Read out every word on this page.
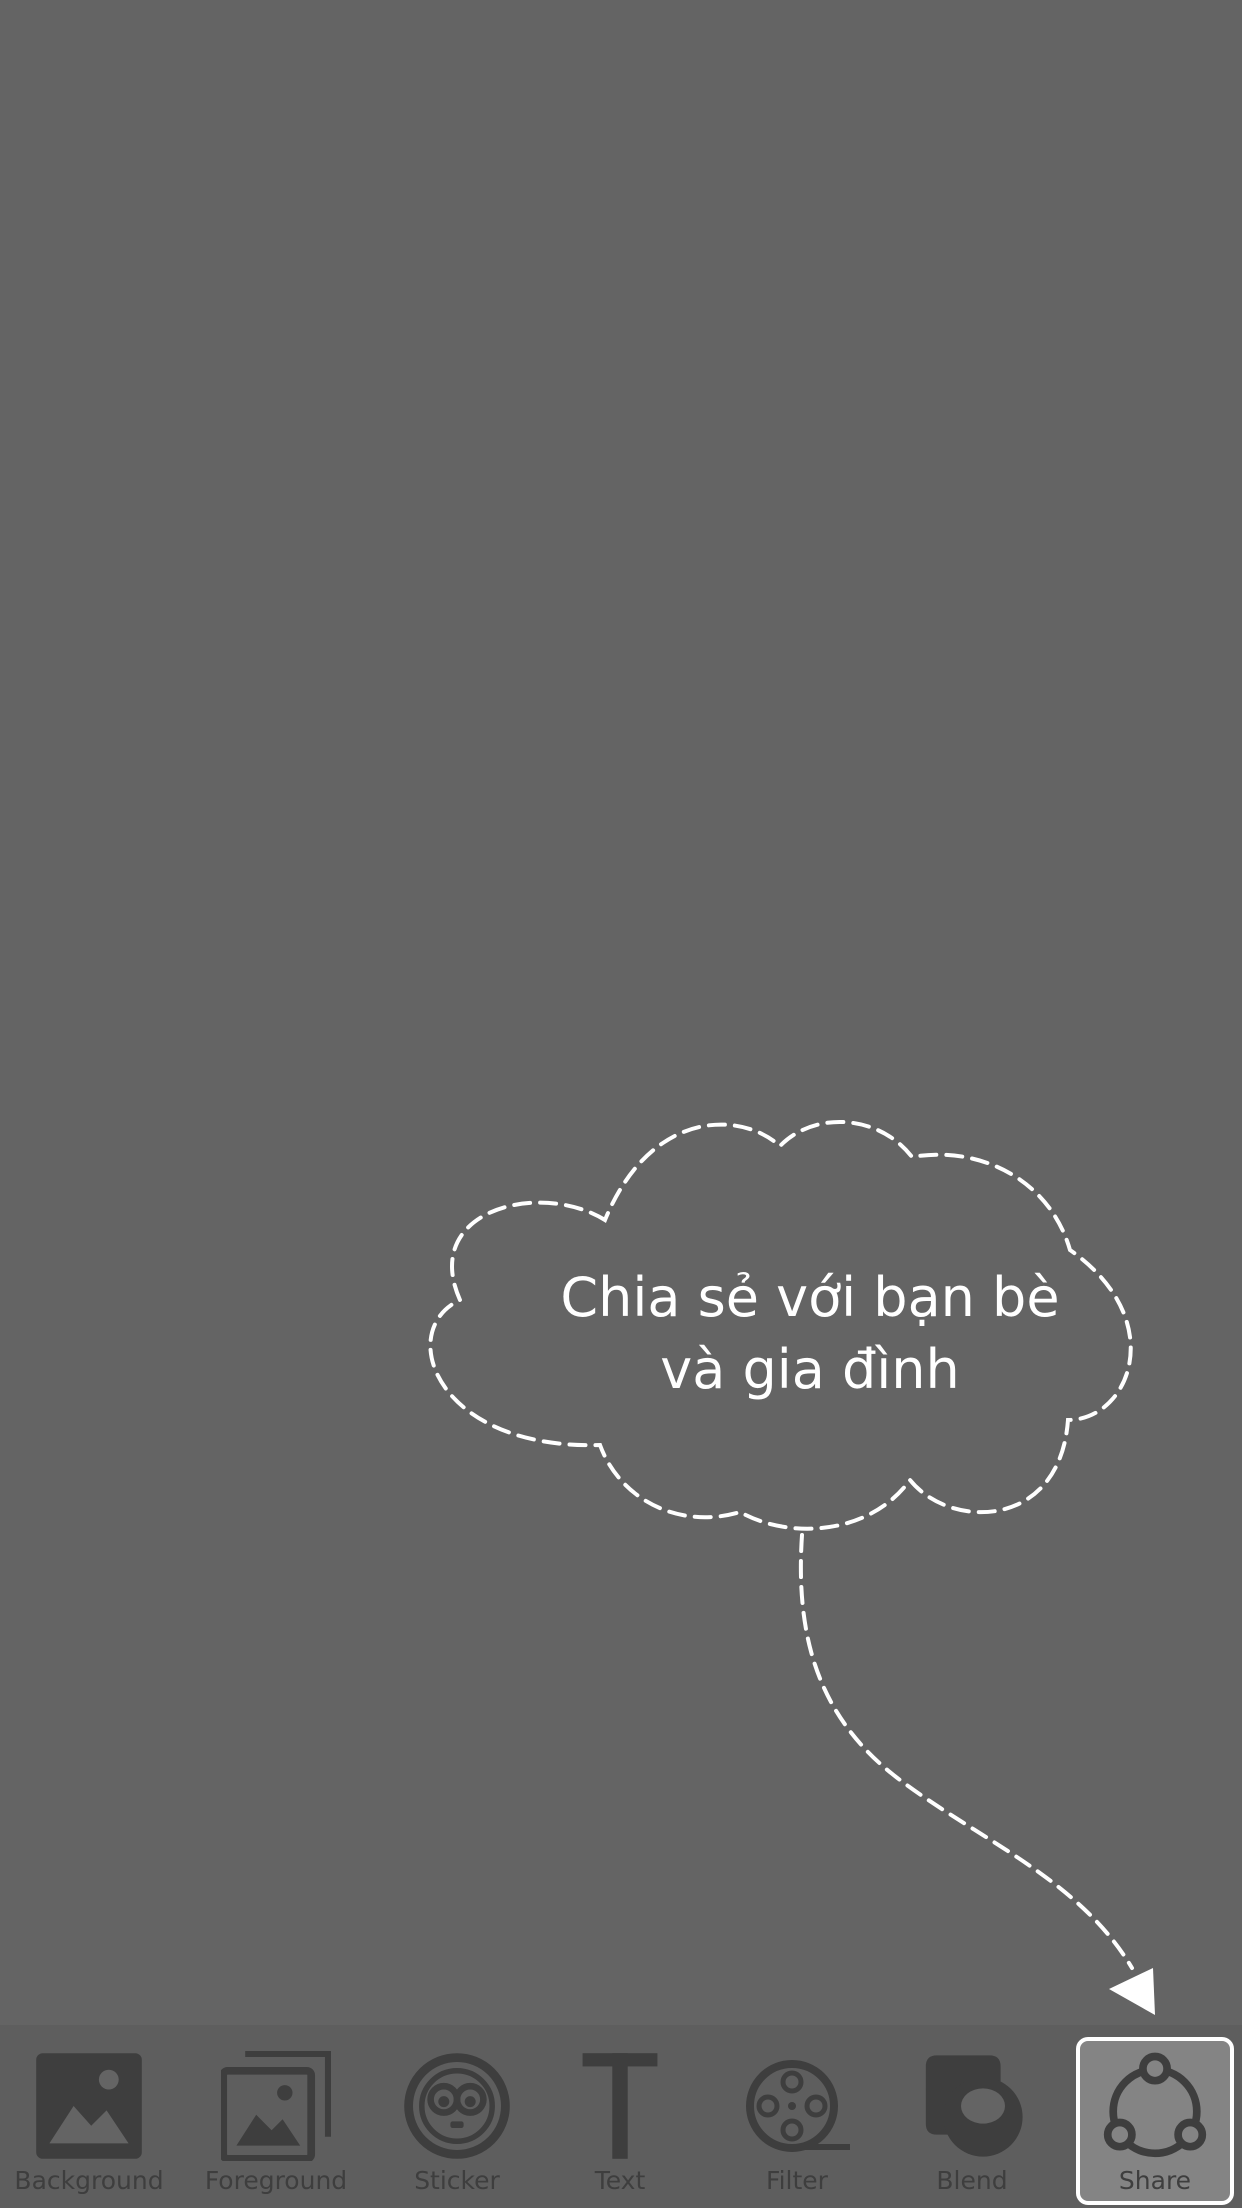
Chia sẻ với bạn bè
và gia đình
Background Foreground	Sticker	Text	Filter	Blend	Share
